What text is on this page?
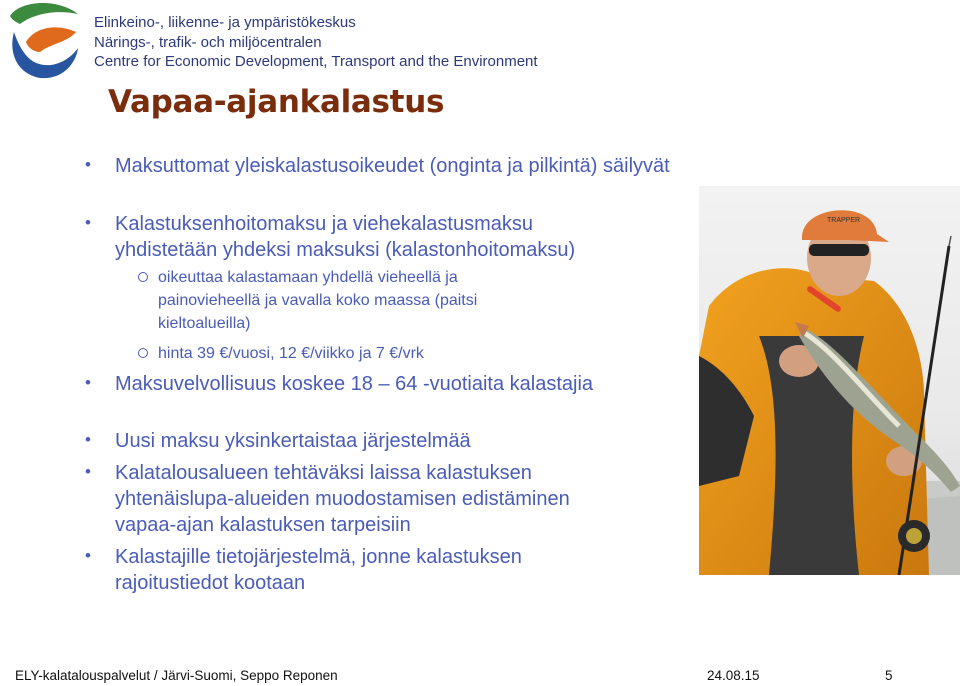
Elinkeino-, liikenne- ja ympäristökeskus
Närings-, trafik- och miljöcentralen
Centre for Economic Development, Transport and the Environment
Vapaa-ajankalastus
• Maksuttomat yleiskalastusoikeudet (onginta ja pilkintä) säilyvät
• Kalastuksenhoitomaksu ja viehekalastusmaksu yhdistetään yhdeksi maksuksi (kalastonhoitomaksu)
oikeuttaa kalastamaan yhdellä vieheellä ja painovieheellä ja vavalla koko maassa (paitsi kieltoalueilla)
hinta 39 €/vuosi, 12 €/viikko ja 7 €/vrk
• Maksuvelvollisuus koskee 18 – 64 -vuotiaita kalastajia
• Uusi maksu yksinkertaistaa järjestelmää
• Kalatalousalueen tehtäväksi laissa kalastuksen yhtenäislupa-alueiden muodostamisen edistäminen vapaa-ajan kalastuksen tarpeisiin
• Kalastajille tietojärjestelmä, jonne kalastuksen rajoitustiedot kootaan
TRAPPER
ELY-kalatalouspalvelut / Järvi-Suomi, Seppo Reponen	24.08.15	5
